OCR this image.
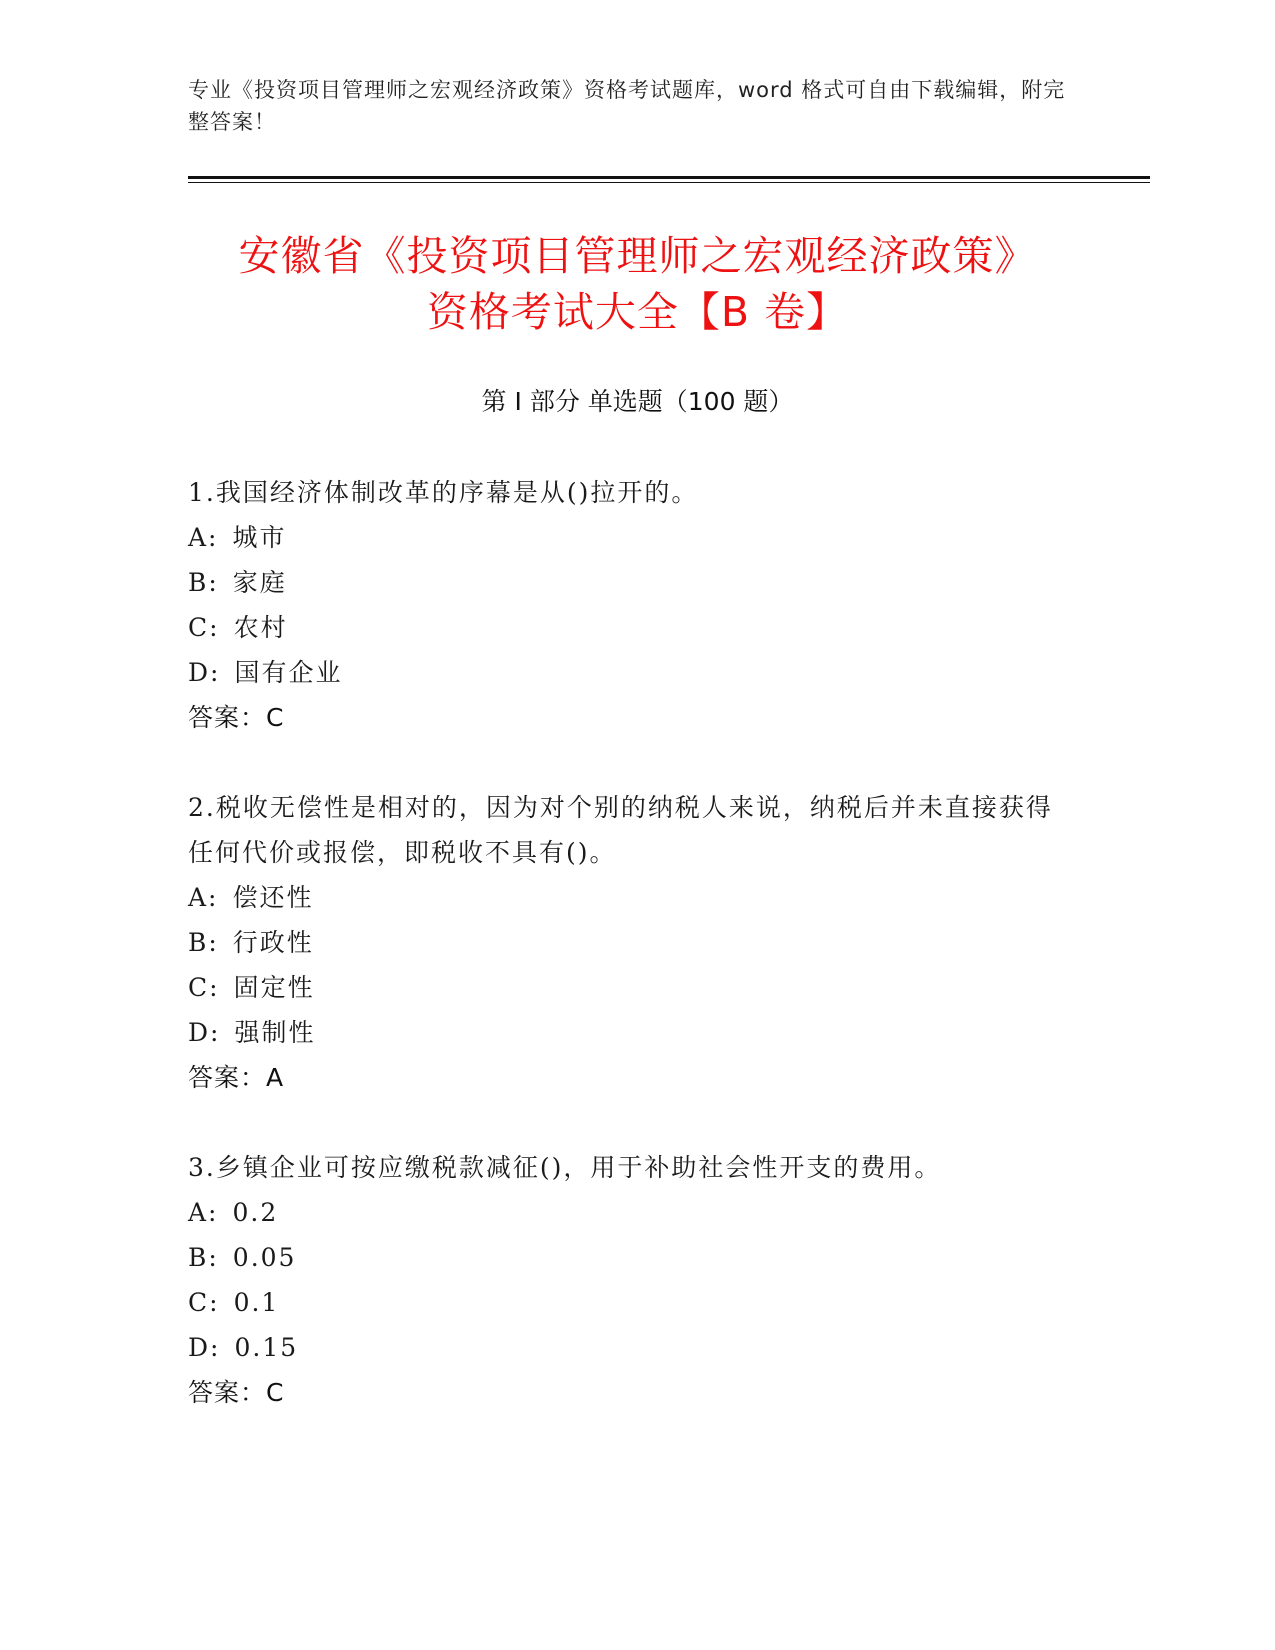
专业《投资项目管理师之宏观经济政策》资格考试题库，word 格式可自由下载编辑，附完整答案！
安徽省《投资项目管理师之宏观经济政策》
资格考试大全【B 卷】
第 I 部分 单选题（100 题）
1.我国经济体制改革的序幕是从()拉开的。
A: 城市
B: 家庭
C: 农村
D: 国有企业
答案：C
2.税收无偿性是相对的，因为对个别的纳税人来说，纳税后并未直接获得任何代价或报偿，即税收不具有()。
A: 偿还性
B: 行政性
C: 固定性
D: 强制性
答案：A
3.乡镇企业可按应缴税款减征()，用于补助社会性开支的费用。
A: 0.2
B: 0.05
C: 0.1
D: 0.15
答案：C
